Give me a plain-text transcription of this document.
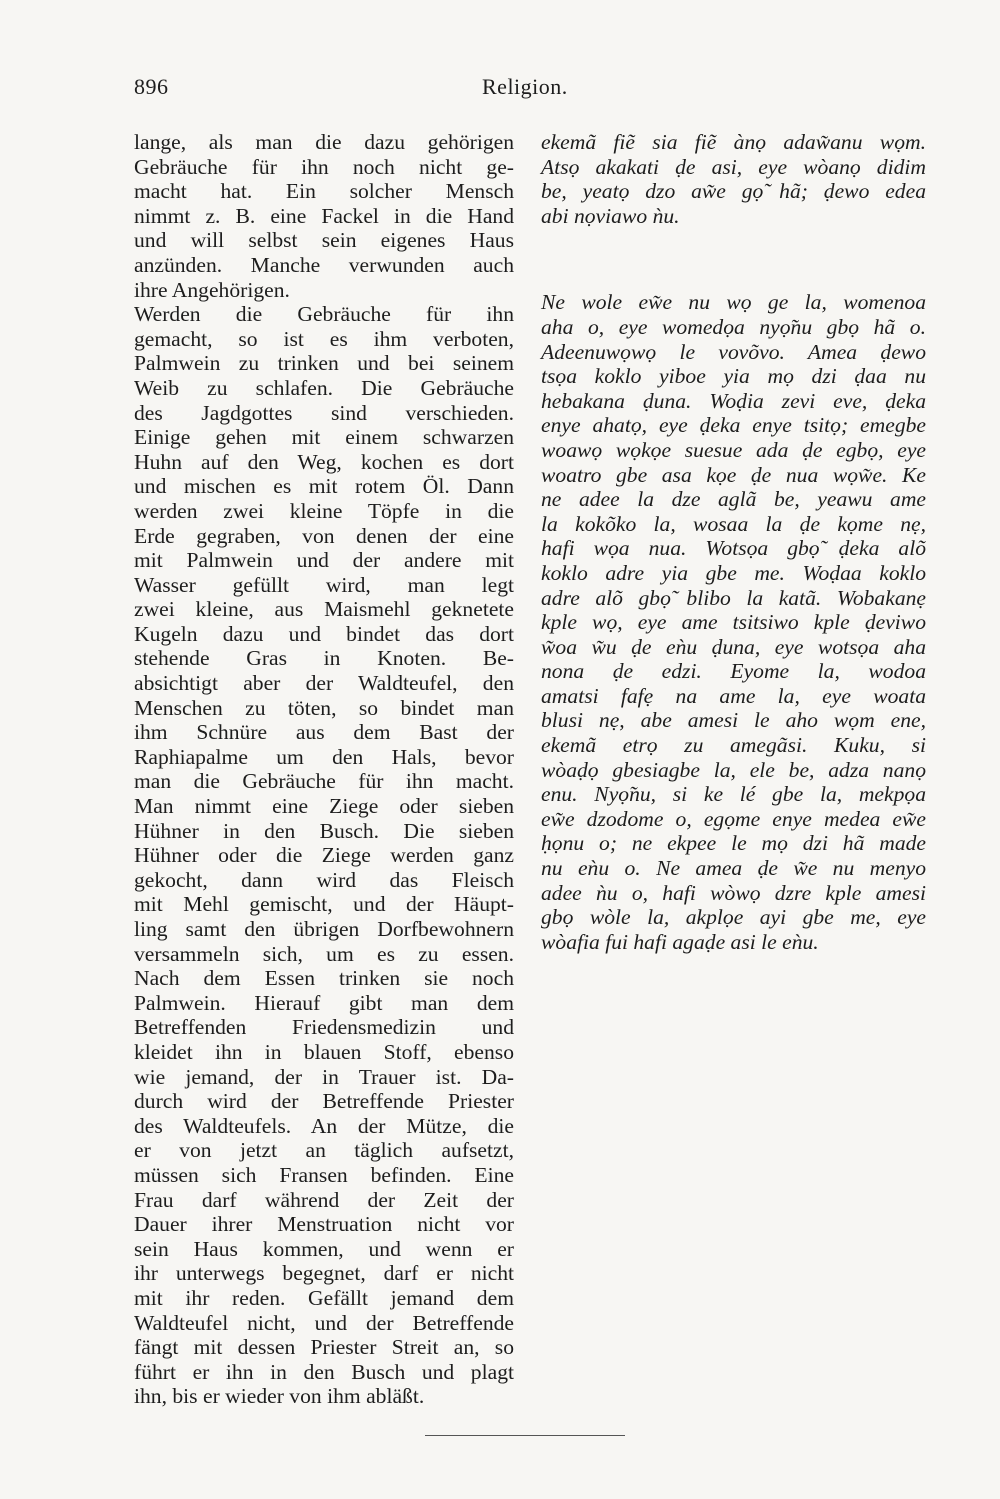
896	Religion.
lange, als man die dazu gehörigen
Gebräuche für ihn noch nicht ge-
macht hat. Ein solcher Mensch
nimmt z. B. eine Fackel in die Hand
und will selbst sein eigenes Haus
anzünden. Manche verwunden auch
ihre Angehörigen.
Werden die Gebräuche für ihn
gemacht, so ist es ihm verboten,
Palmwein zu trinken und bei seinem
Weib zu schlafen. Die Gebräuche
des Jagdgottes sind verschieden.
Einige gehen mit einem schwarzen
Huhn auf den Weg, kochen es dort
und mischen es mit rotem Öl. Dann
werden zwei kleine Töpfe in die
Erde gegraben, von denen der eine
mit Palmwein und der andere mit
Wasser gefüllt wird, man legt
zwei kleine, aus Maismehl geknetete
Kugeln dazu und bindet das dort
stehende Gras in Knoten. Be-
absichtigt aber der Waldteufel, den
Menschen zu töten, so bindet man
ihm Schnüre aus dem Bast der
Raphiapalme um den Hals, bevor
man die Gebräuche für ihn macht.
Man nimmt eine Ziege oder sieben
Hühner in den Busch. Die sieben
Hühner oder die Ziege werden ganz
gekocht, dann wird das Fleisch
mit Mehl gemischt, und der Häupt-
ling samt den übrigen Dorfbewohnern
versammeln sich, um es zu essen.
Nach dem Essen trinken sie noch
Palmwein. Hierauf gibt man dem
Betreffenden Friedensmedizin und
kleidet ihn in blauen Stoff, ebenso
wie jemand, der in Trauer ist. Da-
durch wird der Betreffende Priester
des Waldteufels. An der Mütze, die
er von jetzt an täglich aufsetzt,
müssen sich Fransen befinden. Eine
Frau darf während der Zeit der
Dauer ihrer Menstruation nicht vor
sein Haus kommen, und wenn er
ihr unterwegs begegnet, darf er nicht
mit ihr reden. Gefällt jemand dem
Waldteufel nicht, und der Betreffende
fängt mit dessen Priester Streit an, so
führt er ihn in den Busch und plagt
ihn, bis er wieder von ihm abläßt.
ekemã fiẽ sia fiẽ ànọ adaw̃anu wọm.
Atsọ akakati ḍe asi, eye wòanọ didim
be, yeatọ dzo aw̃e gọ̃ hã; ḍewo edea
abi nọviawo ǹu.
Ne wole ew̃e nu wọ ge la, womenoa
aha o, eye womedọa nyọ̃nu gbọ hã o.
Adeenuwọwọ le vovõvo. Amea ḍewo
tsọa koklo yiboe yia mọ dzi ḍaa nu
hebakana ḍuna. Woḍia zevi eve, ḍeka
enye ahatọ, eye ḍeka enye tsitọ; emegbe
woawọ wọkọe suesue ada ḍe egbọ, eye
woatro gbe asa kọe ḍe nua wọw̃e. Ke
ne adee la dze aglã be, yeawu ame
la kokõko la, wosaa la ḍe kọme nẹ,
hafi wọa nua. Wotsọa gbọ̃ ḍeka alõ
koklo adre yia gbe me. Woḍaa koklo
adre alõ gbọ̃ blibo la katã. Wobakanẹ
kple wọ, eye ame tsitsiwo kple ḍeviwo
w̃oa w̃u ḍe eǹu ḍuna, eye wotsọa aha
nona ḍe edzi. Eyome la, wodoa
amatsi fafẹ na ame la, eye woata
blusi nẹ, abe amesi le aho wọm ene,
ekemã etrọ zu amegãsi. Kuku, si
wòaḍọ gbesiagbe la, ele be, adza nanọ
enu. Nyọ̃nu, si ke lé gbe la, mekpọa
ew̃e dzodome o, egọme enye medea ew̃e
ḥọnu o; ne ekpee le mọ dzi hã made
nu eǹu o. Ne amea ḍe w̃e nu menyo
adee ǹu o, hafi wòwọ dzre kple amesi
gbọ wòle la, akplọe ayi gbe me, eye
wòafia fui hafi agaḍe asi le eǹu.
